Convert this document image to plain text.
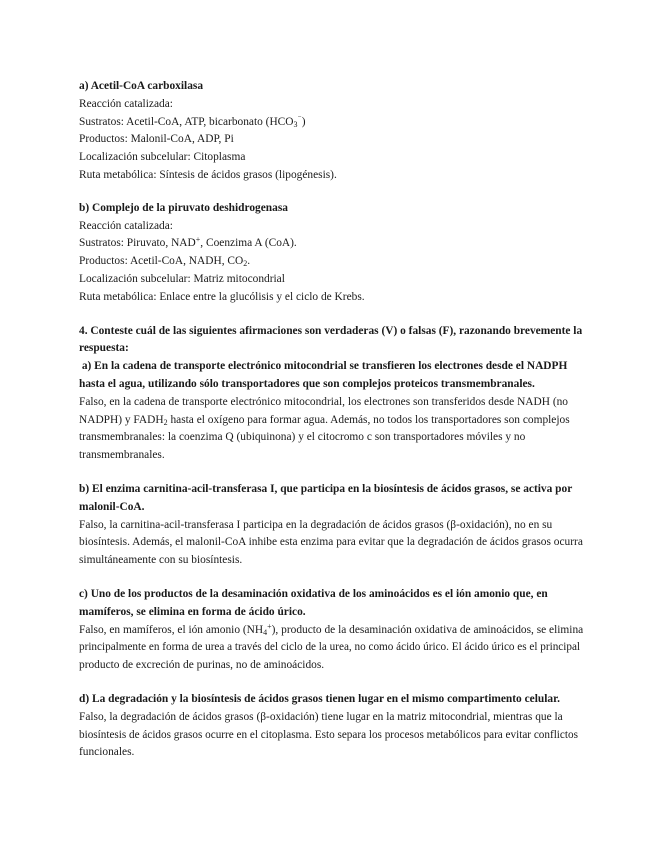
a) Acetil-CoA carboxilasa

Reacción catalizada:

Sustratos: Acetil-CoA, ATP, bicarbonato $(HCO_3^{^-})$

Productos: Malonil-CoA, ADP, Pi

Localización subcelular: Citoplasma

Ruta metabólica: Síntesis de ácidos grasos (lipogénesis).

b) Complejo de la piruvato deshidrogenasa

Reacción catalizada:

Sustratos: Piruvato, NAD+, Coenzima A (CoA).

Productos: Acetil-CoA, NADH, $CO_2$.

Localización subcelular: Matriz mitocondrial

Ruta metabólica: Enlace entre la glucólisis y el ciclo de Krebs.

4. Conteste cuál de las siguientes afirmaciones son verdaderas (V) o falsas (F), razonando brevemente la

respuesta:

a) En la cadena de transporte electrónico mitocondrial se transfieren los electrones desde el NADPH

hasta el agua, utilizando sólo transportadores que son complejos proteicos transmembranales.

Falso, en la cadena de transporte electrónico mitocondrial, los electrones son transferidos desde NADH (no

NADPH) y $FADH_2$ hasta el oxígeno para formar agua. Además, no todos los transportadores son complejos

transmembranales: la coenzima Q (ubiquinona) y el citocromo c son transportadores móviles y no

transmembranales.

b) El enzima carnitina-acil-transferasa I, que participa en la biosíntesis de ácidos grasos, se activa por

malonil-CoA.

Falso, la carnitina-acil-transferasa I participa en la degradación de ácidos grasos (β-oxidación), no en su

biosíntesis. Además, el malonil-CoA inhibe esta enzima para evitar que la degradación de ácidos grasos ocurra

simultáneamente con su biosíntesis.

c) Uno de los productos de la desaminación oxidativa de los aminoácidos es el ión amonio que, en

mamíferos, se elimina en forma de ácido úrico.

Falso, en mamíferos, el ión amonio $(NH_4^+)$, producto de la desaminación oxidativa de aminoácidos, se elimina

principalmente en forma de urea a través del ciclo de la urea, no como ácido úrico. El ácido úrico es el principal

producto de excreción de purinas, no de aminoácidos.

d) La degradación y la biosíntesis de ácidos grasos tienen lugar en el mismo compartimento celular.

Falso, la degradación de ácidos grasos (β-oxidación) tiene lugar en la matriz mitocondrial, mientras que la

biosíntesis de ácidos grasos ocurre en el citoplasma. Esto separa los procesos metabólicos para evitar conflictos

funcionales.
